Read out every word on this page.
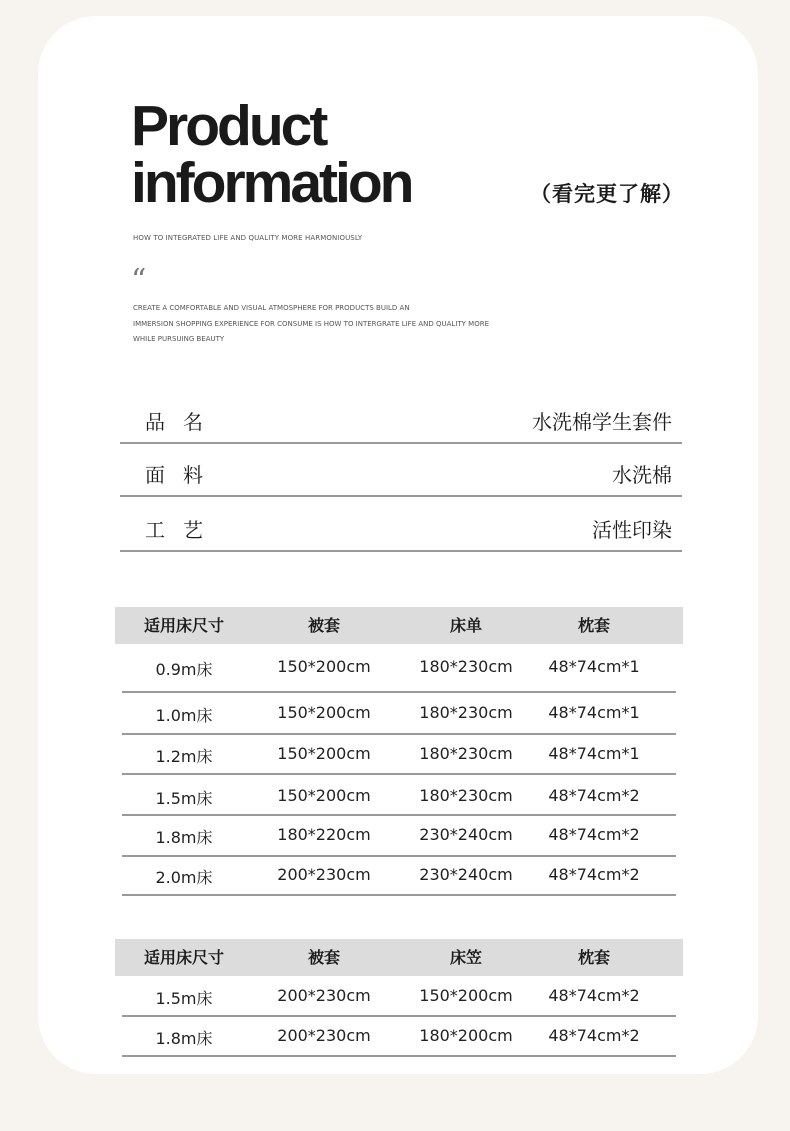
Product
information	（看完更了解）
HOW TO INTEGRATED LIFE AND QUALITY MORE HARMONIOUSLY
“
CREATE A COMFORTABLE AND VISUAL ATMOSPHERE FOR PRODUCTS BUILD AN
IMMERSION SHOPPING EXPERIENCE FOR CONSUME IS HOW TO INTERGRATE LIFE AND QUALITY MORE
WHILE PURSUING BEAUTY
品名	水洗棉学生套件
面料	水洗棉
工艺	活性印染
适用床尺寸	被套	床单	枕套
0.9m床	150*200cm	180*230cm 48*74cm*1
1.0m床	150*200cm	180*230cm 48*74cm*1
1.2m床	150*200cm	180*230cm 48*74cm*1
1.5m床	150*200cm	180*230cm 48*74cm*2
1.8m床	180*220cm	230*240cm 48*74cm*2
2.0m床	200*230cm	230*240cm 48*74cm*2
适用床尺寸	被套	床笠	枕套
1.5m床	200*230cm	150*200cm 48*74cm*2
1.8m床	200*230cm	180*200cm 48*74cm*2
